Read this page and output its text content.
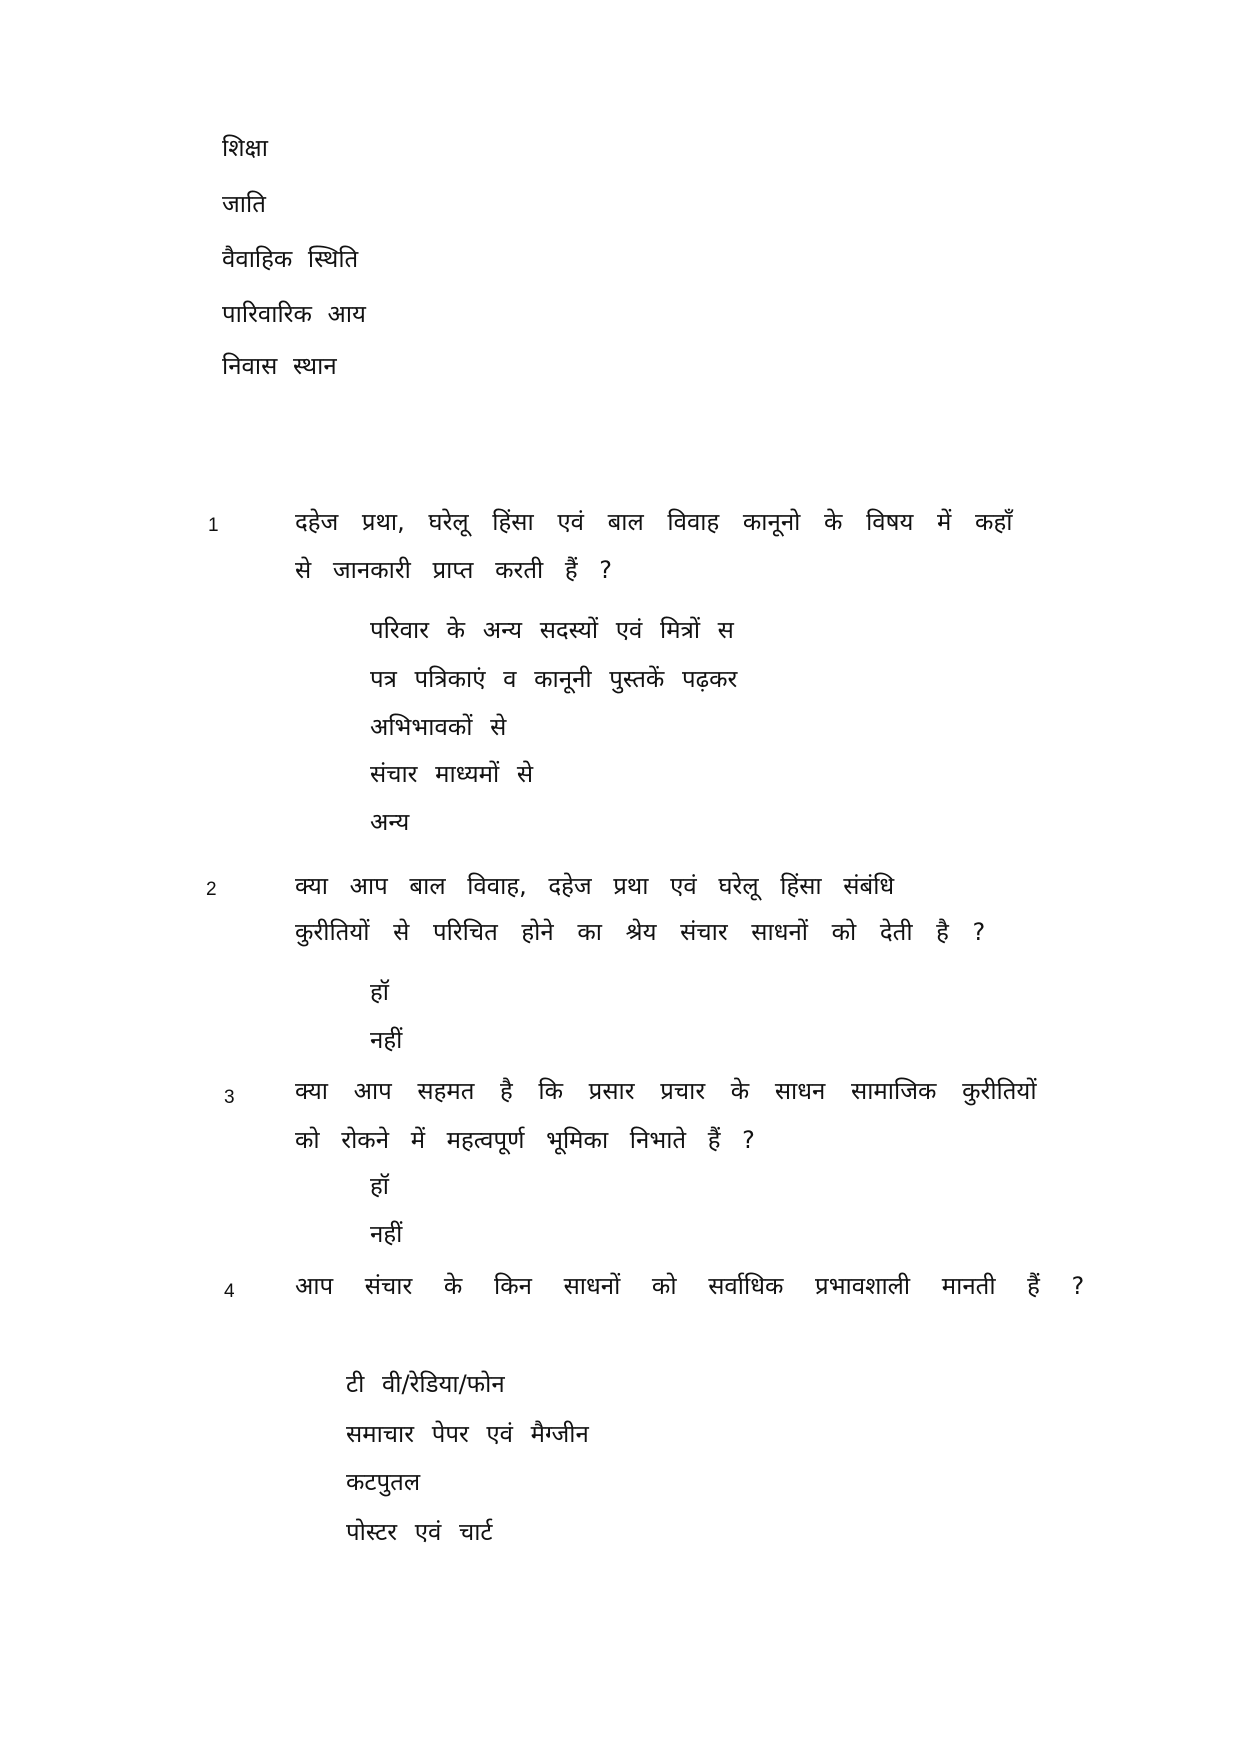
शिक्षा
जाति
वैवाहिक स्थिति
पारिवारिक आय
निवास स्थान
1	दहेज प्रथा, घरेलू हिंसा एवं बाल विवाह कानूनो के विषय में कहाँ
से जानकारी प्राप्त करती हैं ?
परिवार के अन्य सदस्यों एवं मित्रों स
पत्र पत्रिकाएं व कानूनी पुस्तकें पढ़कर
अभिभावकों से
संचार माध्यमों से
अन्य
2	क्या आप बाल विवाह, दहेज प्रथा एवं घरेलू हिंसा संबंधि
कुरीतियों से परिचित होने का श्रेय संचार साधनों को देती है ?
हॉ
नहीं
3	क्या आप सहमत है कि प्रसार प्रचार के साधन सामाजिक कुरीतियों
को रोकने में महत्वपूर्ण भूमिका निभाते हैं ?
हॉ
नहीं
4	आप संचार के किन साधनों को सर्वाधिक प्रभावशाली मानती हैं ?
टी वी/रेडिया/फोन
समाचार पेपर एवं मैग्जीन
कटपुतल
पोस्टर एवं चार्ट
